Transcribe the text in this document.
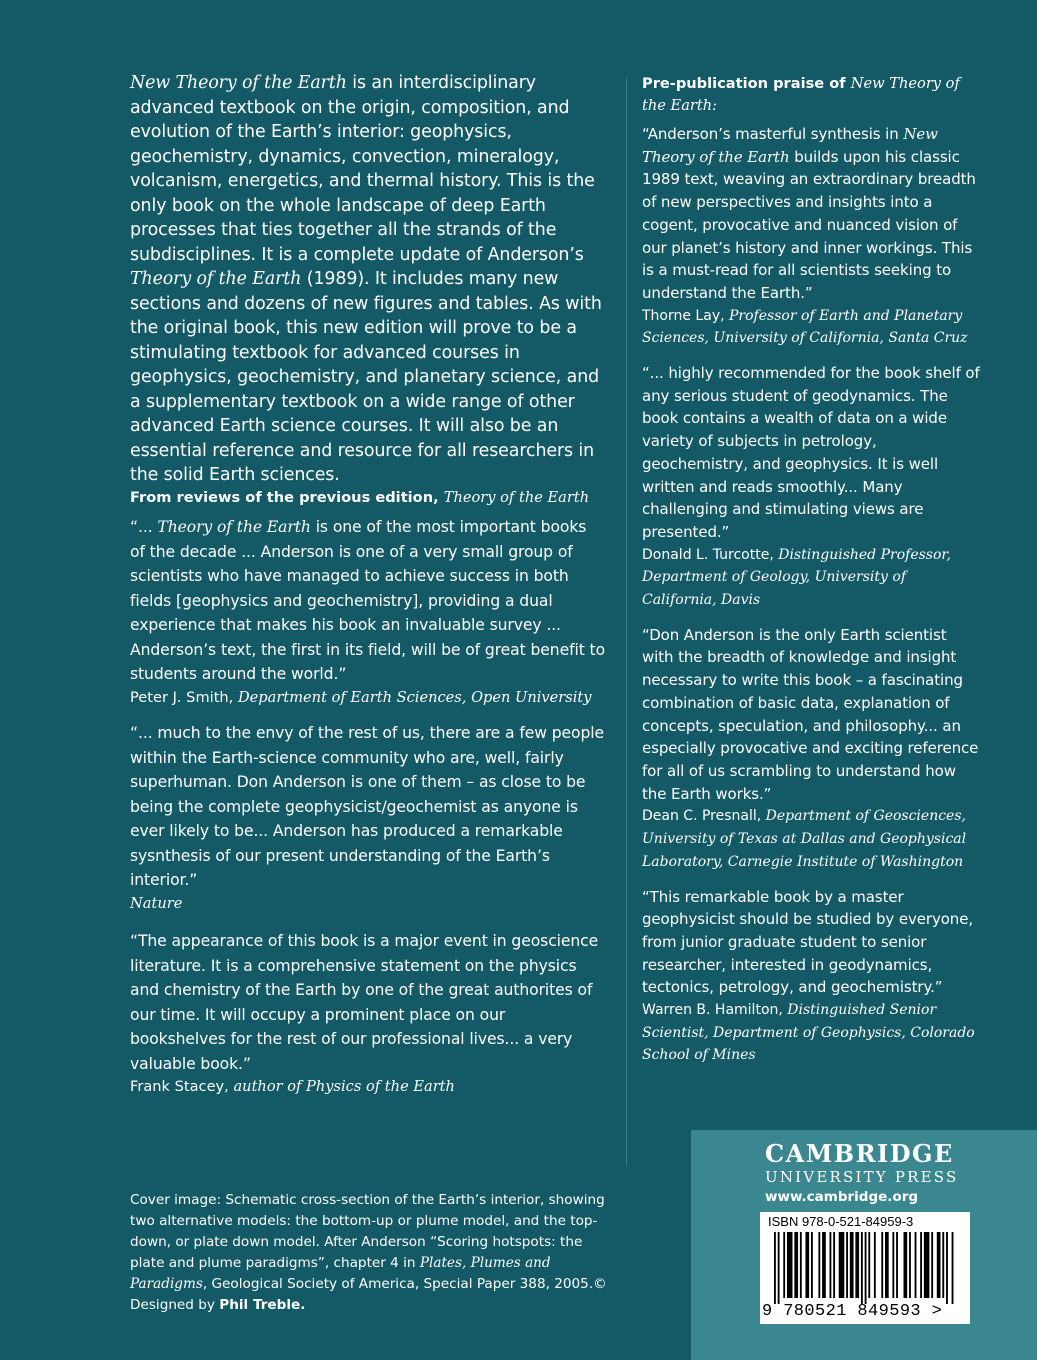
New Theory of the Earth is an interdisciplinary advanced textbook on the origin, composition, and evolution of the Earth’s interior: geophysics, geochemistry, dynamics, convection, mineralogy, volcanism, energetics, and thermal history. This is the only book on the whole landscape of deep Earth processes that ties together all the strands of the subdisciplines. It is a complete update of Anderson’s Theory of the Earth (1989). It includes many new sections and dozens of new figures and tables. As with the original book, this new edition will prove to be a stimulating textbook for advanced courses in geophysics, geochemistry, and planetary science, and a supplementary textbook on a wide range of other advanced Earth science courses. It will also be an essential reference and resource for all researchers in the solid Earth sciences.

From reviews of the previous edition, Theory of the Earth

“... Theory of the Earth is one of the most important books of the decade ... Anderson is one of a very small group of scientists who have managed to achieve success in both fields [geophysics and geochemistry], providing a dual experience that makes his book an invaluable survey ... Anderson’s text, the first in its field, will be of great benefit to students around the world.”

Peter J. Smith, Department of Earth Sciences, Open University

“... much to the envy of the rest of us, there are a few people within the Earth-science community who are, well, fairly superhuman. Don Anderson is one of them – as close to be being the complete geophysicist/geochemist as anyone is ever likely to be... Anderson has produced a remarkable sysnthesis of our present understanding of the Earth’s interior.”

Nature

“The appearance of this book is a major event in geoscience literature. It is a comprehensive statement on the physics and chemistry of the Earth by one of the great authorites of our time. It will occupy a prominent place on our bookshelves for the rest of our professional lives... a very valuable book.”

Frank Stacey, author of Physics of the Earth

Pre-publication praise of New Theory of the Earth:

“Anderson’s masterful synthesis in New Theory of the Earth builds upon his classic 1989 text, weaving an extraordinary breadth of new perspectives and insights into a cogent, provocative and nuanced vision of our planet’s history and inner workings. This is a must-read for all scientists seeking to understand the Earth.”

Thorne Lay, Professor of Earth and Planetary Sciences, University of California, Santa Cruz

“... highly recommended for the book shelf of any serious student of geodynamics. The book contains a wealth of data on a wide variety of subjects in petrology, geochemistry, and geophysics. It is well written and reads smoothly... Many challenging and stimulating views are presented.”

Donald L. Turcotte, Distinguished Professor, Department of Geology, University of California, Davis

“Don Anderson is the only Earth scientist with the breadth of knowledge and insight necessary to write this book – a fascinating combination of basic data, explanation of concepts, speculation, and philosophy... an especially provocative and exciting reference for all of us scrambling to understand how the Earth works.”

Dean C. Presnall, Department of Geosciences, University of Texas at Dallas and Geophysical Laboratory, Carnegie Institute of Washington

“This remarkable book by a master geophysicist should be studied by everyone, from junior graduate student to senior researcher, interested in geodynamics, tectonics, petrology, and geochemistry.”

Warren B. Hamilton, Distinguished Senior Scientist, Department of Geophysics, Colorado School of Mines

Cover image: Schematic cross-section of the Earth’s interior, showing two alternative models: the bottom-up or plume model, and the top-down, or plate down model. After Anderson “Scoring hotspots: the plate and plume paradigms”, chapter 4 in Plates, Plumes and Paradigms, Geological Society of America, Special Paper 388, 2005.©
Designed by Phil Treble.

CAMBRIDGE

UNIVERSITY PRESS

www.cambridge.org

ISBN 978-0-521-84959-3

9 780521 849593 >
